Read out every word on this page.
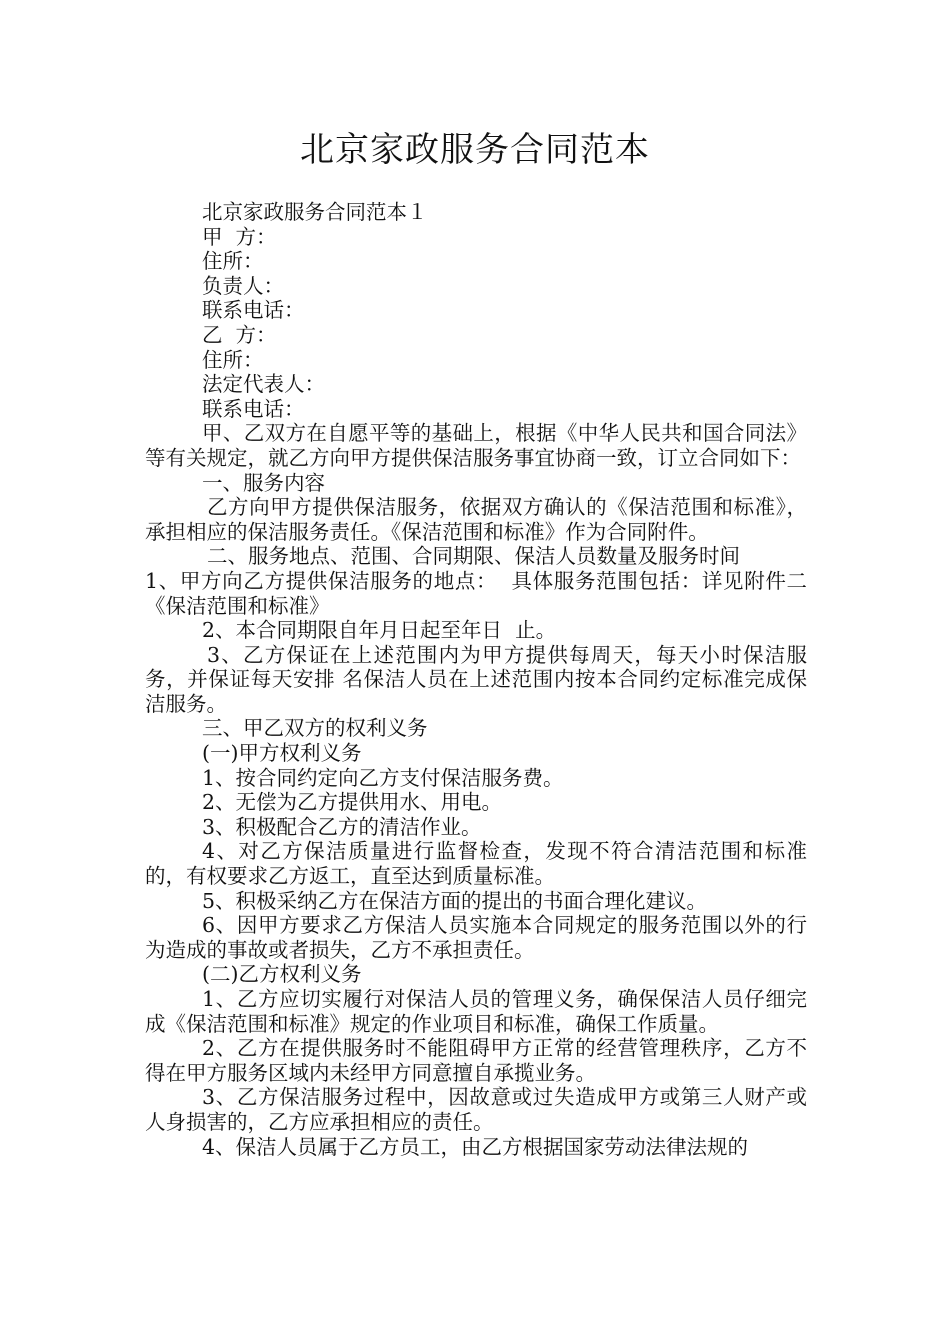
北京家政服务合同范本

北京家政服务合同范本１

甲  方：

住所：

负责人：

联系电话：

乙  方：

住所：

法定代表人：

联系电话：

甲、乙双方在自愿平等的基础上，根据《中华人民共和国合同法》等有关规定，就乙方向甲方提供保洁服务事宜协商一致，订立合同如下：

一、服务内容

乙方向甲方提供保洁服务，依据双方确认的《保洁范围和标准》，承担相应的保洁服务责任。《保洁范围和标准》作为合同附件。

二、服务地点、范围、合同期限、保洁人员数量及服务时间

1、甲方向乙方提供保洁服务的地点：  具体服务范围包括：详见附件二《保洁范围和标准》

2、本合同期限自年月日起至年日  止。

3、乙方保证在上述范围内为甲方提供每周天，每天小时保洁服务，并保证每天安排 名保洁人员在上述范围内按本合同约定标准完成保洁服务。

三、甲乙双方的权利义务

(一)甲方权利义务

1、按合同约定向乙方支付保洁服务费。

2、无偿为乙方提供用水、用电。

3、积极配合乙方的清洁作业。

4、对乙方保洁质量进行监督检查，发现不符合清洁范围和标准的，有权要求乙方返工，直至达到质量标准。

5、积极采纳乙方在保洁方面的提出的书面合理化建议。

6、因甲方要求乙方保洁人员实施本合同规定的服务范围以外的行为造成的事故或者损失，乙方不承担责任。

(二)乙方权利义务

1、乙方应切实履行对保洁人员的管理义务，确保保洁人员仔细完成《保洁范围和标准》规定的作业项目和标准，确保工作质量。

2、乙方在提供服务时不能阻碍甲方正常的经营管理秩序，乙方不得在甲方服务区域内未经甲方同意擅自承揽业务。

3、乙方保洁服务过程中，因故意或过失造成甲方或第三人财产或人身损害的，乙方应承担相应的责任。

4、保洁人员属于乙方员工，由乙方根据国家劳动法律法规的
